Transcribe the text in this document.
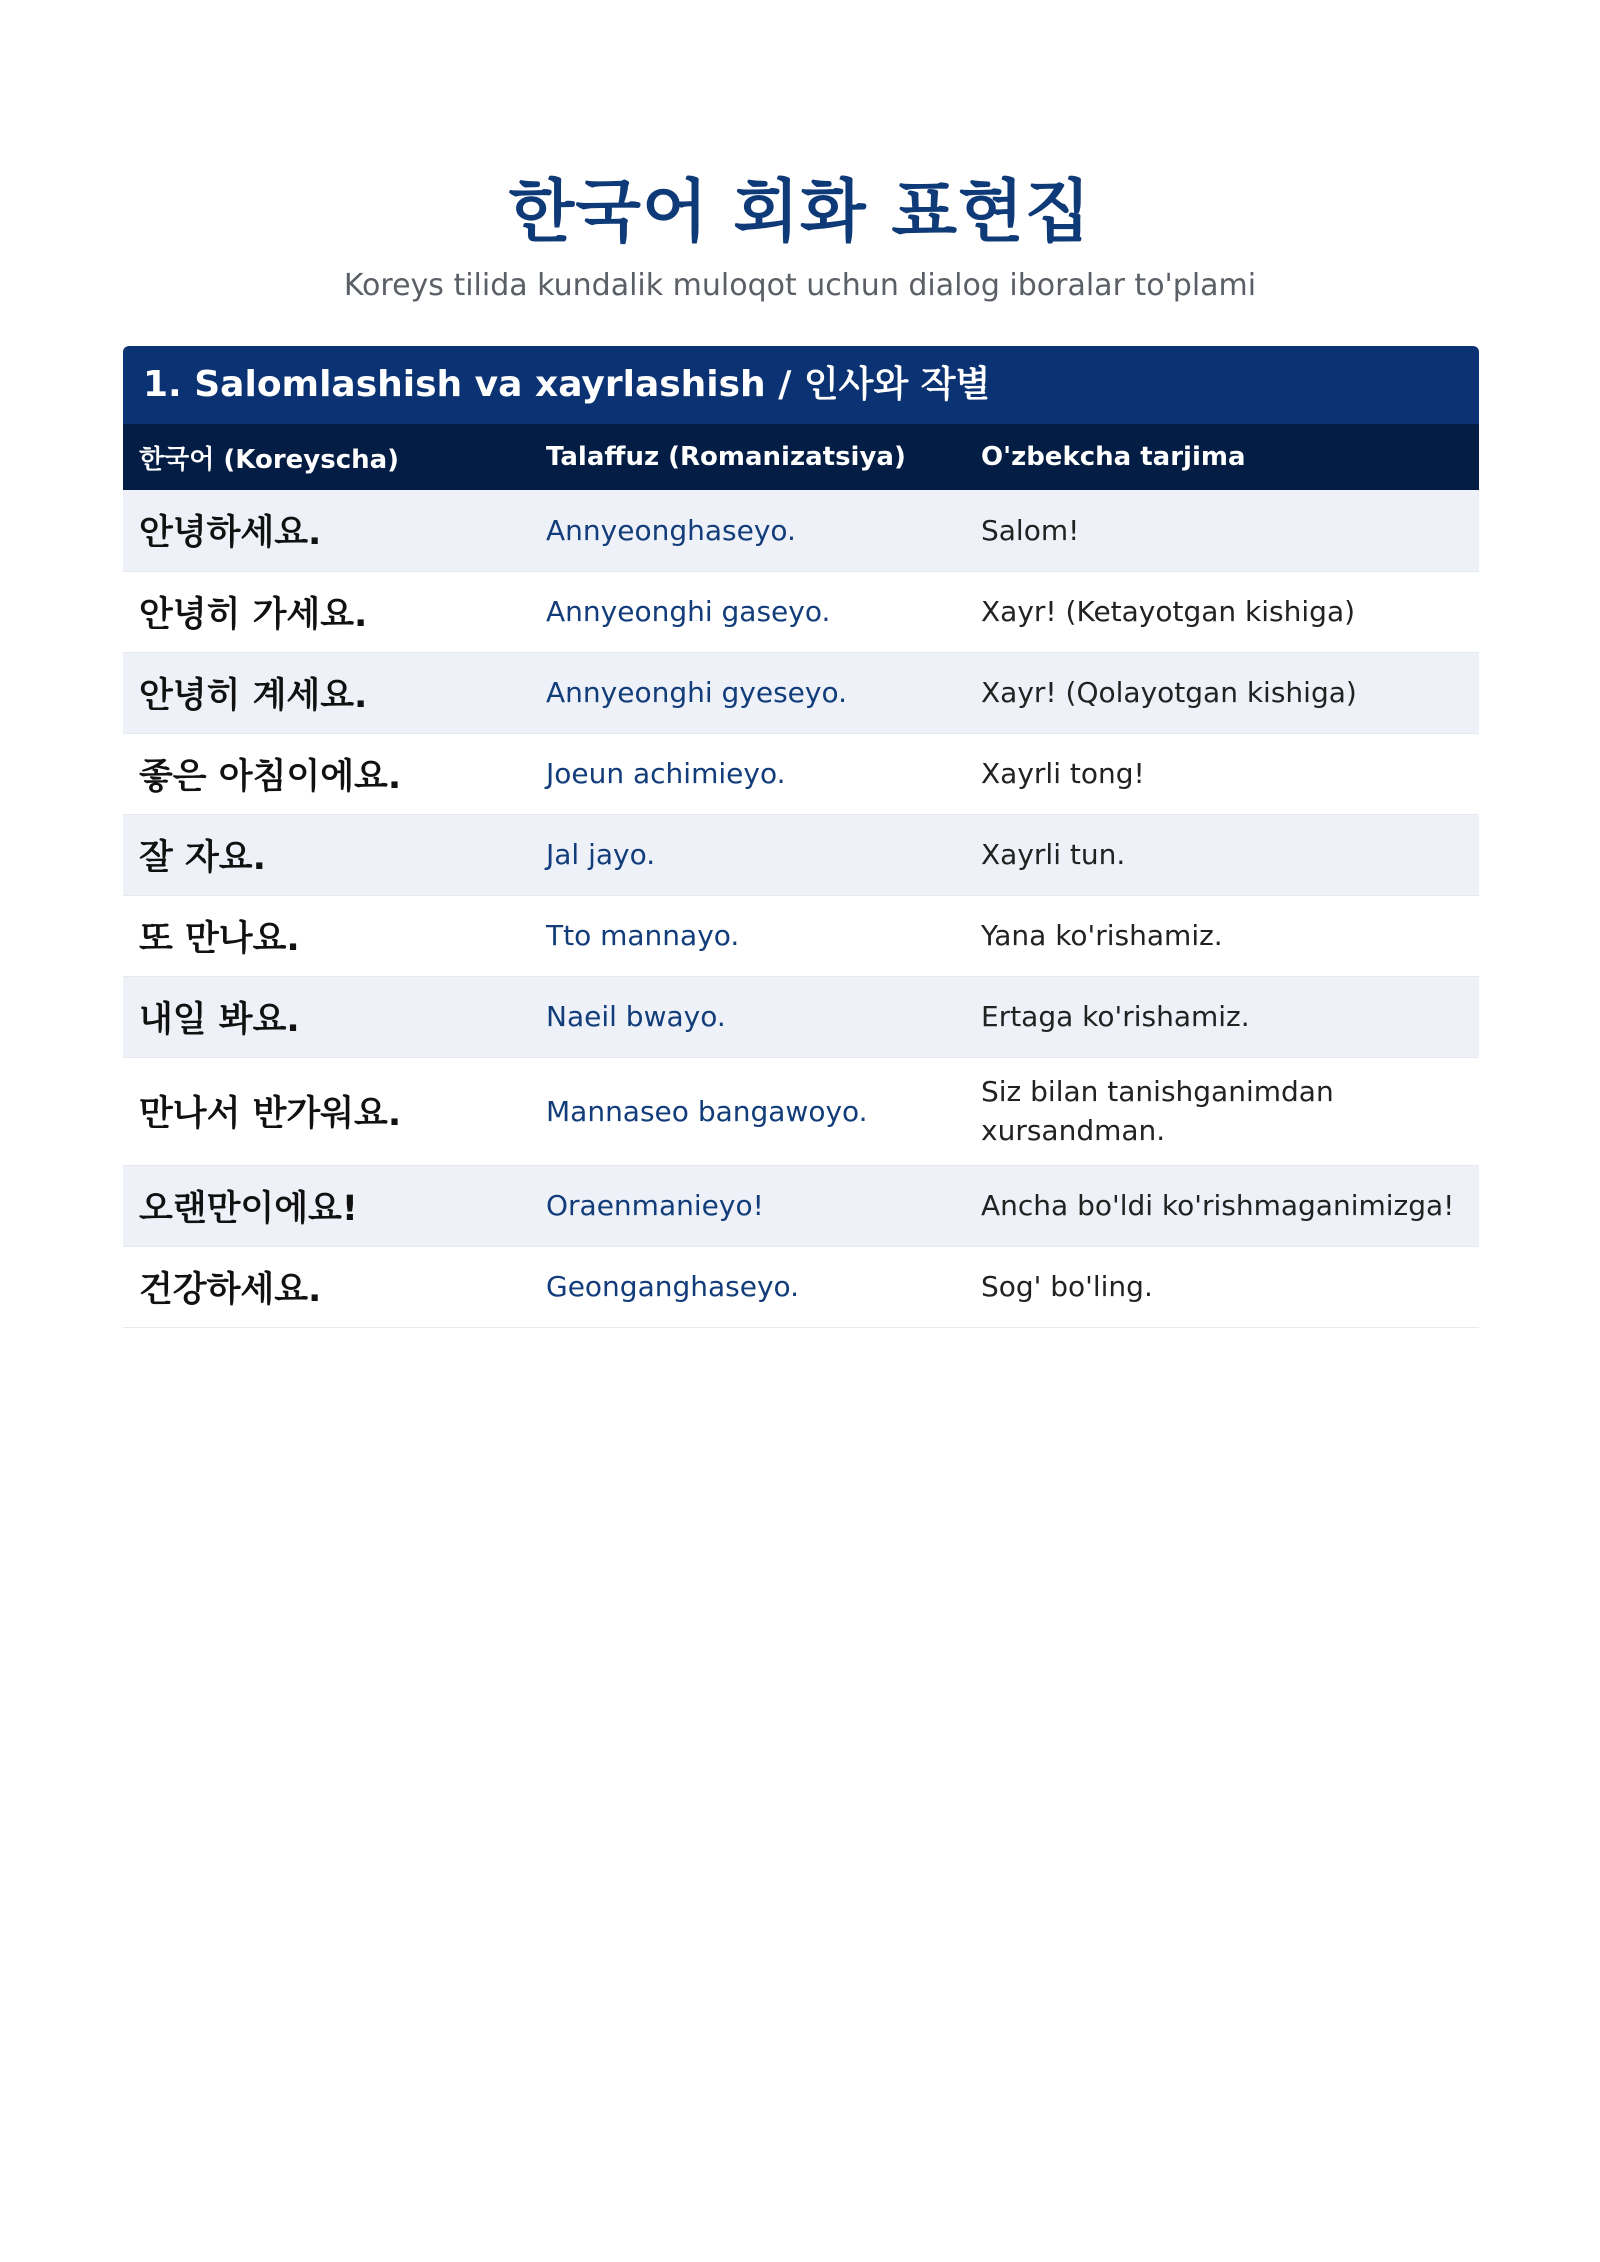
한국어 회화 표현집
Koreys tilida kundalik muloqot uchun dialog iboralar to'plami
1. Salomlashish va xayrlashish / 인사와 작별
한국어 (Koreyscha)	Talaffuz (Romanizatsiya)	O'zbekcha tarjima
안녕하세요.	Annyeonghaseyo.	Salom!
안녕히 가세요.	Annyeonghi gaseyo.	Xayr! (Ketayotgan kishiga)
안녕히 계세요.	Annyeonghi gyeseyo.	Xayr! (Qolayotgan kishiga)
좋은 아침이에요.	Joeun achimieyo.	Xayrli tong!
잘 자요.	Jal jayo.	Xayrli tun.
또 만나요.	Tto mannayo.	Yana ko'rishamiz.
내일 봐요.	Naeil bwayo.	Ertaga ko'rishamiz.
만나서 반가워요.	Mannaseo bangawoyo.	Siz bilan tanishganimdan xursandman.
오랜만이에요!	Oraenmanieyo!	Ancha bo'ldi ko'rishmaganimizga!
건강하세요.	Geonganghaseyo.	Sog' bo'ling.
